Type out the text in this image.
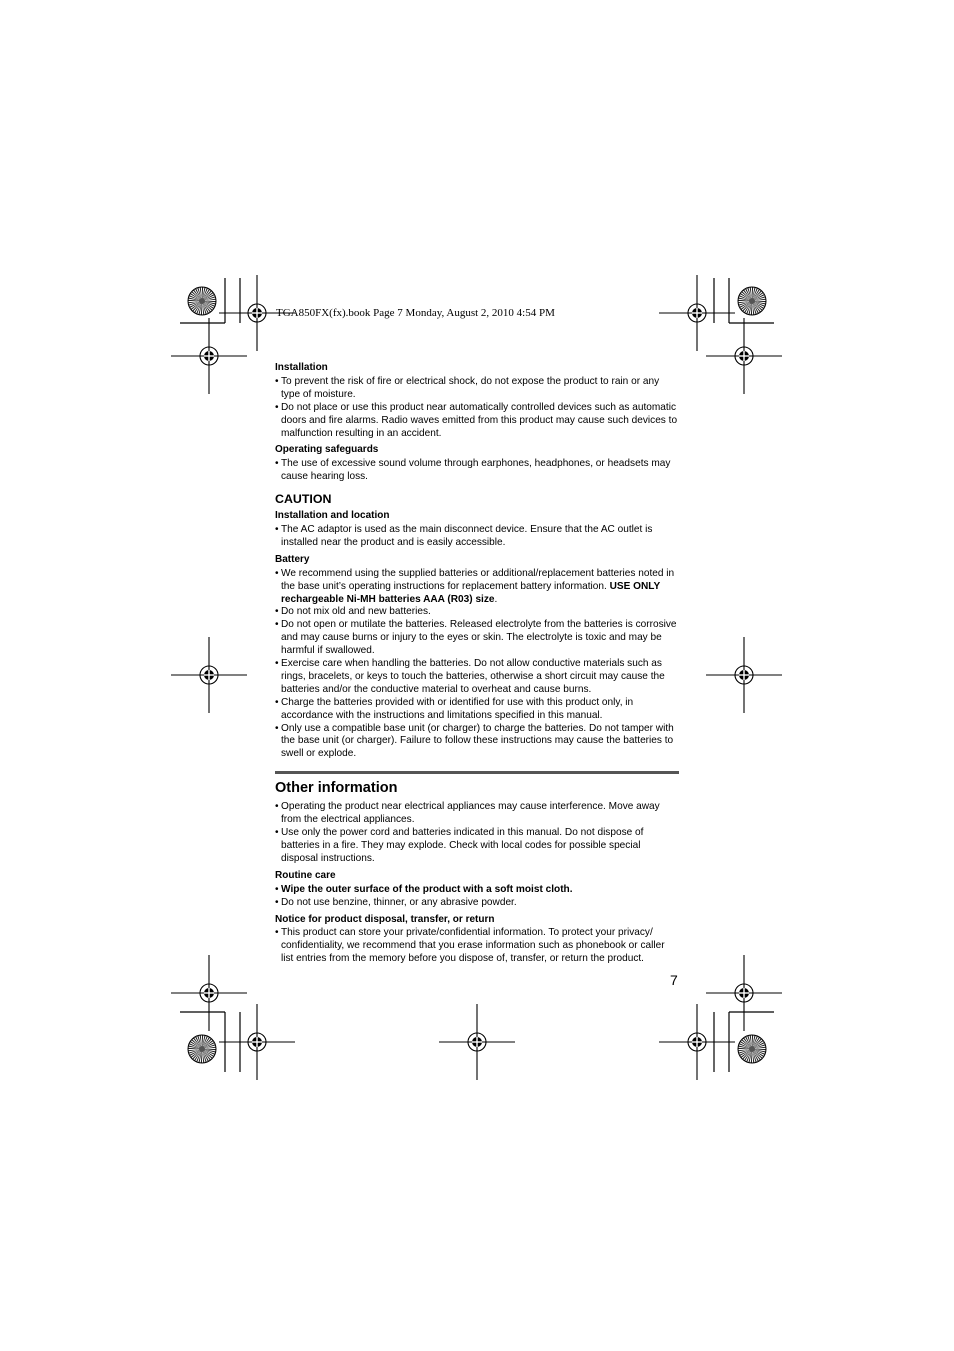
TGA850FX(fx).book Page 7 Monday, August 2, 2010 4:54 PM
Installation
• To prevent the risk of fire or electrical shock, do not expose the product to rain or any type of moisture.
• Do not place or use this product near automatically controlled devices such as automatic doors and fire alarms. Radio waves emitted from this product may cause such devices to malfunction resulting in an accident.
Operating safeguards
• The use of excessive sound volume through earphones, headphones, or headsets may cause hearing loss.
CAUTION
Installation and location
• The AC adaptor is used as the main disconnect device. Ensure that the AC outlet is installed near the product and is easily accessible.
Battery
• We recommend using the supplied batteries or additional/replacement batteries noted in the base unit’s operating instructions for replacement battery information. USE ONLY rechargeable Ni-MH batteries AAA (R03) size.
• Do not mix old and new batteries.
• Do not open or mutilate the batteries. Released electrolyte from the batteries is corrosive and may cause burns or injury to the eyes or skin. The electrolyte is toxic and may be harmful if swallowed.
• Exercise care when handling the batteries. Do not allow conductive materials such as rings, bracelets, or keys to touch the batteries, otherwise a short circuit may cause the batteries and/or the conductive material to overheat and cause burns.
• Charge the batteries provided with or identified for use with this product only, in accordance with the instructions and limitations specified in this manual.
• Only use a compatible base unit (or charger) to charge the batteries. Do not tamper with the base unit (or charger). Failure to follow these instructions may cause the batteries to swell or explode.
Other information
• Operating the product near electrical appliances may cause interference. Move away from the electrical appliances.
• Use only the power cord and batteries indicated in this manual. Do not dispose of batteries in a fire. They may explode. Check with local codes for possible special disposal instructions.
Routine care
• Wipe the outer surface of the product with a soft moist cloth.
• Do not use benzine, thinner, or any abrasive powder.
Notice for product disposal, transfer, or return
• This product can store your private/confidential information. To protect your privacy/ confidentiality, we recommend that you erase information such as phonebook or caller list entries from the memory before you dispose of, transfer, or return the product.
7
